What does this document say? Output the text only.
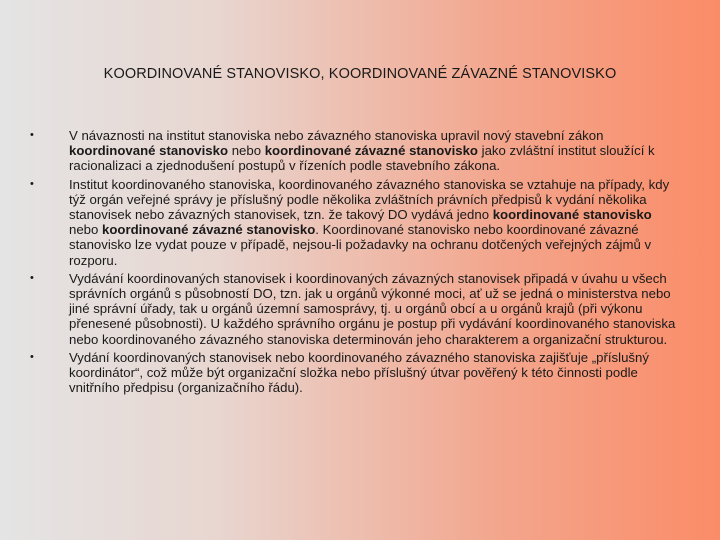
KOORDINOVANÉ STANOVISKO, KOORDINOVANÉ ZÁVAZNÉ STANOVISKO
•	V návaznosti na institut stanoviska nebo závazného stanoviska upravil nový stavební zákon koordinované stanovisko nebo koordinované závazné stanovisko jako zvláštní institut sloužící k racionalizaci a zjednodušení postupů v řízeních podle stavebního zákona.
•	Institut koordinovaného stanoviska, koordinovaného závazného stanoviska se vztahuje na případy, kdy týž orgán veřejné správy je příslušný podle několika zvláštních právních předpisů k vydání několika stanovisek nebo závazných stanovisek, tzn. že takový DO vydává jedno koordinované stanovisko nebo koordinované závazné stanovisko. Koordinované stanovisko nebo koordinované závazné stanovisko lze vydat pouze v případě, nejsou-li požadavky na ochranu dotčených veřejných zájmů v rozporu.
•	Vydávání koordinovaných stanovisek i koordinovaných závazných stanovisek připadá v úvahu u všech správních orgánů s působností DO, tzn. jak u orgánů výkonné moci, ať už se jedná o ministerstva nebo jiné správní úřady, tak u orgánů územní samosprávy, tj. u orgánů obcí a u orgánů krajů (při výkonu přenesené působnosti). U každého správního orgánu je postup při vydávání koordinovaného stanoviska nebo koordinovaného závazného stanoviska determinován jeho charakterem a organizační strukturou.
•	Vydání koordinovaných stanovisek nebo koordinovaného závazného stanoviska zajišťuje „příslušný koordinátor“, což může být organizační složka nebo příslušný útvar pověřený k této činnosti podle vnitřního předpisu (organizačního řádu).
